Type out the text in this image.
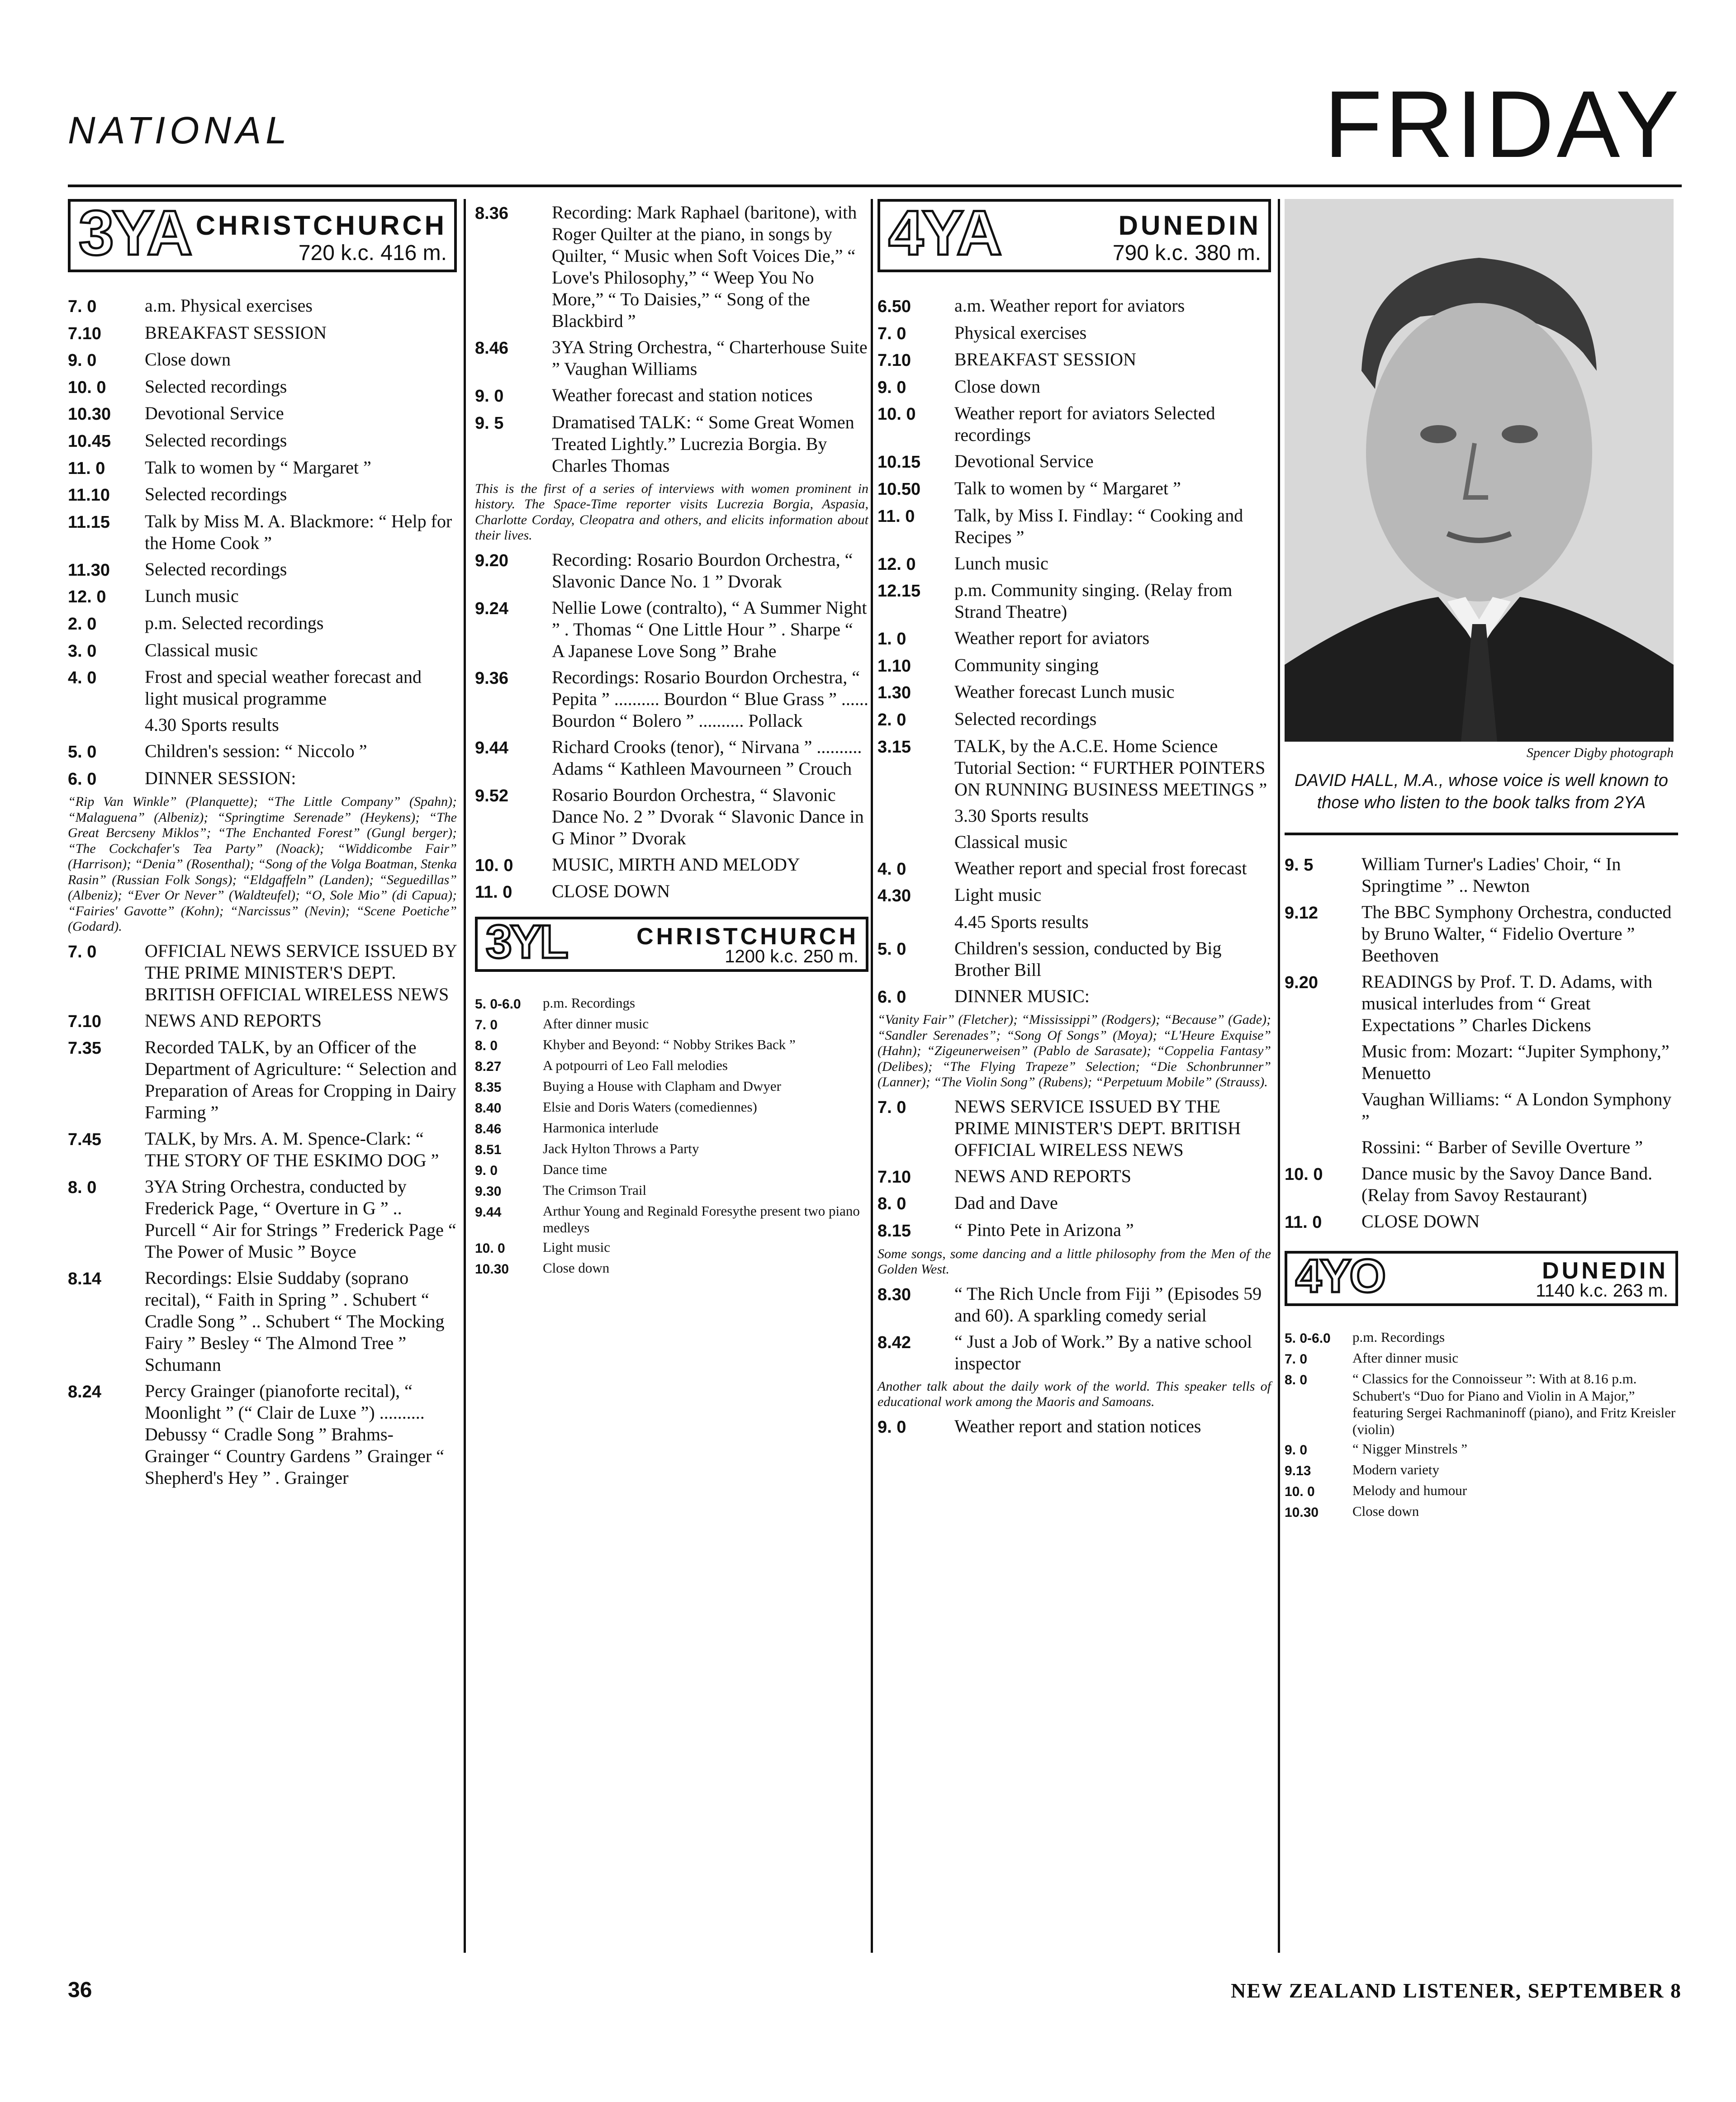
NATIONAL	FRIDAY
3YA CHRISTCHURCH
720 k.c. 416 m.
7. 0	a.m. Physical exercises
7.10	BREAKFAST SESSION
9. 0	Close down
10. 0	Selected recordings
10.30	Devotional Service
10.45	Selected recordings
11. 0	Talk to women by “ Margaret ”
11.10	Selected recordings
11.15	Talk by Miss M. A. Blackmore: “ Help for the Home Cook ”
11.30	Selected recordings
12. 0	Lunch music
2. 0	p.m. Selected recordings
3. 0	Classical music
4. 0	Frost and special weather forecast and light musical programme
4.30 Sports results
5. 0	Children's session: “ Niccolo ”
6. 0	DINNER SESSION:
“Rip Van Winkle” (Planquette); “The Little Company” (Spahn); “Malaguena” (Albeniz); “Springtime Serenade” (Heykens); “The Great Bercseny Miklos”; “The Enchanted Forest” (Gungl berger); “The Cockchafer's Tea Party” (Noack); “Widdicombe Fair” (Harrison); “Denia” (Rosenthal); “Song of the Volga Boatman, Stenka Rasin” (Russian Folk Songs); “Eldgaffeln” (Landen); “Seguedillas” (Albeniz); “Ever Or Never” (Waldteufel); “O, Sole Mio” (di Capua); “Fairies' Gavotte” (Kohn); “Narcissus” (Nevin); “Scene Poetiche” (Godard).
7. 0	OFFICIAL NEWS SERVICE ISSUED BY THE PRIME MINISTER'S DEPT. BRITISH OFFICIAL WIRELESS NEWS
7.10	NEWS AND REPORTS
7.35	Recorded TALK, by an Officer of the Department of Agriculture: “ Selection and Preparation of Areas for Cropping in Dairy Farming ”
7.45	TALK, by Mrs. A. M. Spence-Clark: “ THE STORY OF THE ESKIMO DOG ”
8. 0	3YA String Orchestra, conducted by Frederick Page, “ Overture in G ” .. Purcell “ Air for Strings ” Frederick Page “ The Power of Music ” Boyce
8.14	Recordings: Elsie Suddaby (soprano recital), “ Faith in Spring ” . Schubert “ Cradle Song ” .. Schubert “ The Mocking Fairy ” Besley “ The Almond Tree ” Schumann
8.24	Percy Grainger (pianoforte recital), “ Moonlight ” (“ Clair de Luxe ”) .......... Debussy “ Cradle Song ” Brahms-Grainger “ Country Gardens ” Grainger “ Shepherd's Hey ” . Grainger
8.36	Recording: Mark Raphael (baritone), with Roger Quilter at the piano, in songs by Quilter, “ Music when Soft Voices Die,” “ Love's Philosophy,” “ Weep You No More,” “ To Daisies,” “ Song of the Blackbird ”
8.46	3YA String Orchestra, “ Charterhouse Suite ” Vaughan Williams
9. 0	Weather forecast and station notices
9. 5	Dramatised TALK: “ Some Great Women Treated Lightly.” Lucrezia Borgia. By Charles Thomas
This is the first of a series of interviews with women prominent in history. The Space-Time reporter visits Lucrezia Borgia, Aspasia, Charlotte Corday, Cleopatra and others, and elicits information about their lives.
9.20	Recording: Rosario Bourdon Orchestra, “ Slavonic Dance No. 1 ” Dvorak
9.24	Nellie Lowe (contralto), “ A Summer Night ” . Thomas “ One Little Hour ” . Sharpe “ A Japanese Love Song ” Brahe
9.36	Recordings: Rosario Bourdon Orchestra, “ Pepita ” .......... Bourdon “ Blue Grass ” ...... Bourdon “ Bolero ” .......... Pollack
9.44	Richard Crooks (tenor), “ Nirvana ” .......... Adams “ Kathleen Mavourneen ” Crouch
9.52	Rosario Bourdon Orchestra, “ Slavonic Dance No. 2 ” Dvorak “ Slavonic Dance in G Minor ” Dvorak
10. 0	MUSIC, MIRTH AND MELODY
11. 0	CLOSE DOWN
3YL	CHRISTCHURCH
1200 k.c. 250 m.
5. 0-6.0	p.m. Recordings
7. 0	After dinner music
8. 0	Khyber and Beyond: “ Nobby Strikes Back ”
8.27	A potpourri of Leo Fall melodies
8.35	Buying a House with Clapham and Dwyer
8.40	Elsie and Doris Waters (comediennes)
8.46	Harmonica interlude
8.51	Jack Hylton Throws a Party
9. 0	Dance time
9.30	The Crimson Trail
9.44	Arthur Young and Reginald Foresythe present two piano medleys
10. 0	Light music
10.30	Close down
4YA	DUNEDIN
790 k.c. 380 m.
6.50	a.m. Weather report for aviators
7. 0	Physical exercises
7.10	BREAKFAST SESSION
9. 0	Close down
10. 0	Weather report for aviators Selected recordings
10.15	Devotional Service
10.50	Talk to women by “ Margaret ”
11. 0	Talk, by Miss I. Findlay: “ Cooking and Recipes ”
12. 0	Lunch music
12.15	p.m. Community singing. (Relay from Strand Theatre)
1. 0	Weather report for aviators
1.10	Community singing
1.30	Weather forecast Lunch music
2. 0	Selected recordings
3.15	TALK, by the A.C.E. Home Science Tutorial Section: “ FURTHER POINTERS ON RUNNING BUSINESS MEETINGS ”
3.30 Sports results
Classical music
4. 0	Weather report and special frost forecast
4.30	Light music
4.45 Sports results
5. 0	Children's session, conducted by Big Brother Bill
6. 0	DINNER MUSIC:
“Vanity Fair” (Fletcher); “Mississippi” (Rodgers); “Because” (Gade); “Sandler Serenades”; “Song Of Songs” (Moya); “L'Heure Exquise” (Hahn); “Zigeunerweisen” (Pablo de Sarasate); “Coppelia Fantasy” (Delibes); “The Flying Trapeze” Selection; “Die Schonbrunner” (Lanner); “The Violin Song” (Rubens); “Perpetuum Mobile” (Strauss).
7. 0	NEWS SERVICE ISSUED BY THE PRIME MINISTER'S DEPT. BRITISH OFFICIAL WIRELESS NEWS
7.10	NEWS AND REPORTS
8. 0	Dad and Dave
8.15	“ Pinto Pete in Arizona ”
Some songs, some dancing and a little philosophy from the Men of the Golden West.
8.30	“ The Rich Uncle from Fiji ” (Episodes 59 and 60). A sparkling comedy serial
8.42	“ Just a Job of Work.” By a native school inspector
Another talk about the daily work of the world. This speaker tells of educational work among the Maoris and Samoans.
9. 0	Weather report and station notices
Spencer Digby photograph
DAVID HALL, M.A., whose voice is well known to those who listen to the book talks from 2YA
9. 5	William Turner's Ladies' Choir, “ In Springtime ” .. Newton
9.12	The BBC Symphony Orchestra, conducted by Bruno Walter, “ Fidelio Overture ” Beethoven
9.20	READINGS by Prof. T. D. Adams, with musical interludes from “ Great Expectations ” Charles Dickens
Music from: Mozart: “Jupiter Symphony,” Menuetto
Vaughan Williams: “ A London Symphony ”
Rossini: “ Barber of Seville Overture ”
10. 0	Dance music by the Savoy Dance Band. (Relay from Savoy Restaurant)
11. 0	CLOSE DOWN
4YO	DUNEDIN
1140 k.c. 263 m.
5. 0-6.0	p.m. Recordings
7. 0	After dinner music
8. 0	“ Classics for the Connoisseur ”: With at 8.16 p.m. Schubert's “Duo for Piano and Violin in A Major,” featuring Sergei Rachmaninoff (piano), and Fritz Kreisler (violin)
9. 0	“ Nigger Minstrels ”
9.13	Modern variety
10. 0	Melody and humour
10.30	Close down
36	NEW ZEALAND LISTENER, SEPTEMBER 8
